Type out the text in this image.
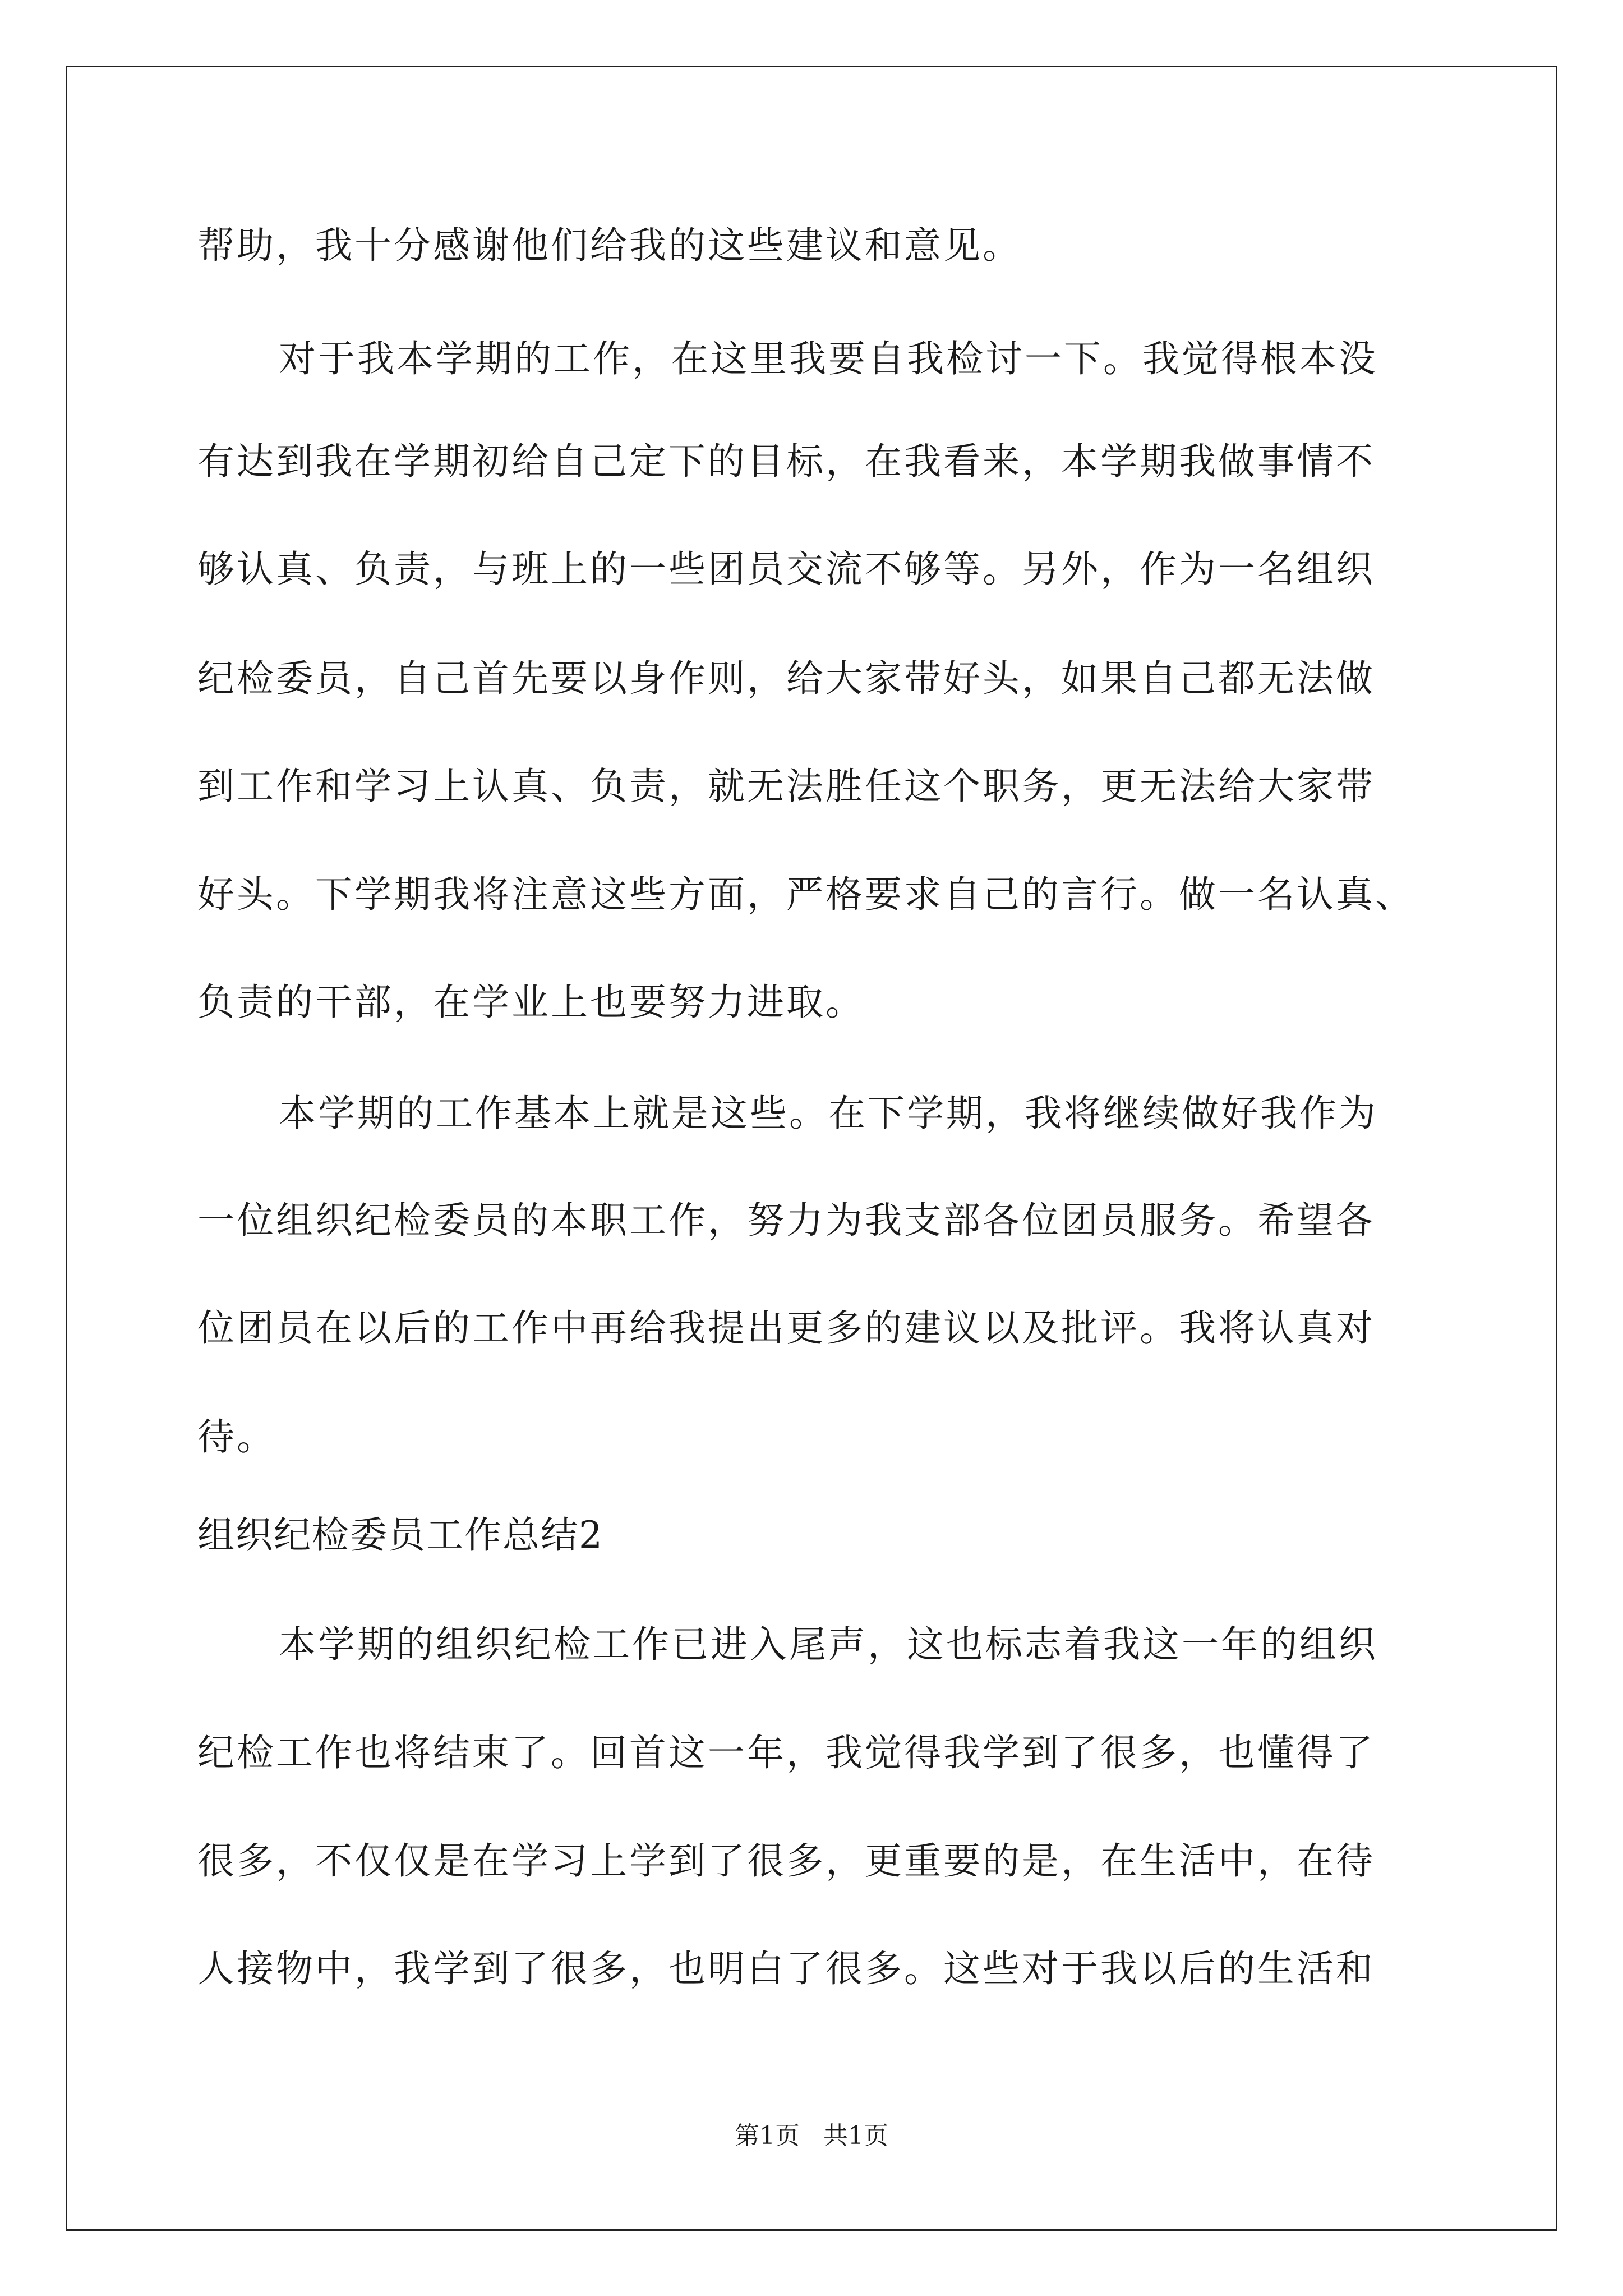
帮助，我十分感谢他们给我的这些建议和意见。
对于我本学期的工作，在这里我要自我检讨一下。我觉得根本没
有达到我在学期初给自己定下的目标，在我看来，本学期我做事情不
够认真、负责，与班上的一些团员交流不够等。另外，作为一名组织
纪检委员，自己首先要以身作则，给大家带好头，如果自己都无法做
到工作和学习上认真、负责，就无法胜任这个职务，更无法给大家带
好头。下学期我将注意这些方面，严格要求自己的言行。做一名认真、
负责的干部，在学业上也要努力进取。
本学期的工作基本上就是这些。在下学期，我将继续做好我作为
一位组织纪检委员的本职工作，努力为我支部各位团员服务。希望各
位团员在以后的工作中再给我提出更多的建议以及批评。我将认真对
待。
组织纪检委员工作总结2
本学期的组织纪检工作已进入尾声，这也标志着我这一年的组织
纪检工作也将结束了。回首这一年，我觉得我学到了很多，也懂得了
很多，不仅仅是在学习上学到了很多，更重要的是，在生活中，在待
人接物中，我学到了很多，也明白了很多。这些对于我以后的生活和
第1页   共1页
